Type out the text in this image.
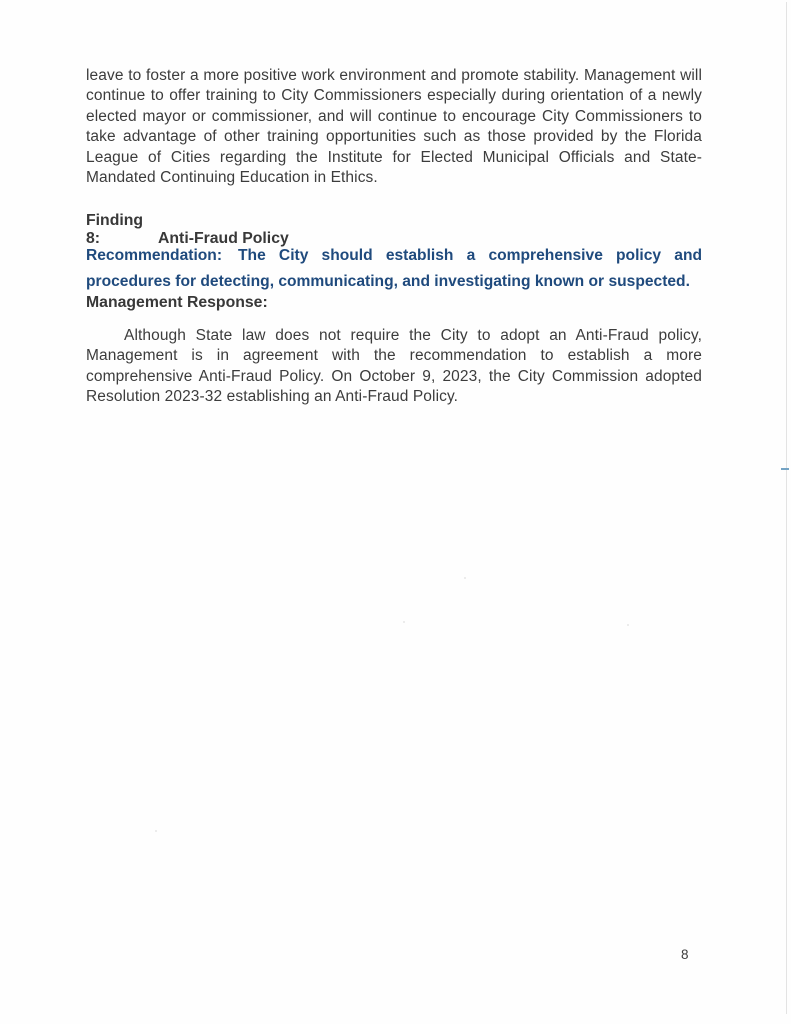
leave to foster a more positive work environment and promote stability. Management will continue to offer training to City Commissioners especially during orientation of a newly elected mayor or commissioner, and will continue to encourage City Commissioners to take advantage of other training opportunities such as those provided by the Florida League of Cities regarding the Institute for Elected Municipal Officials and State-Mandated Continuing Education in Ethics.

Finding 8:	Anti-Fraud Policy

Recommendation: The City should establish a comprehensive policy and procedures for detecting, communicating, and investigating known or suspected.

Management Response:

Although State law does not require the City to adopt an Anti-Fraud policy, Management is in agreement with the recommendation to establish a more comprehensive Anti-Fraud Policy. On October 9, 2023, the City Commission adopted Resolution 2023-32 establishing an Anti-Fraud Policy.

8
